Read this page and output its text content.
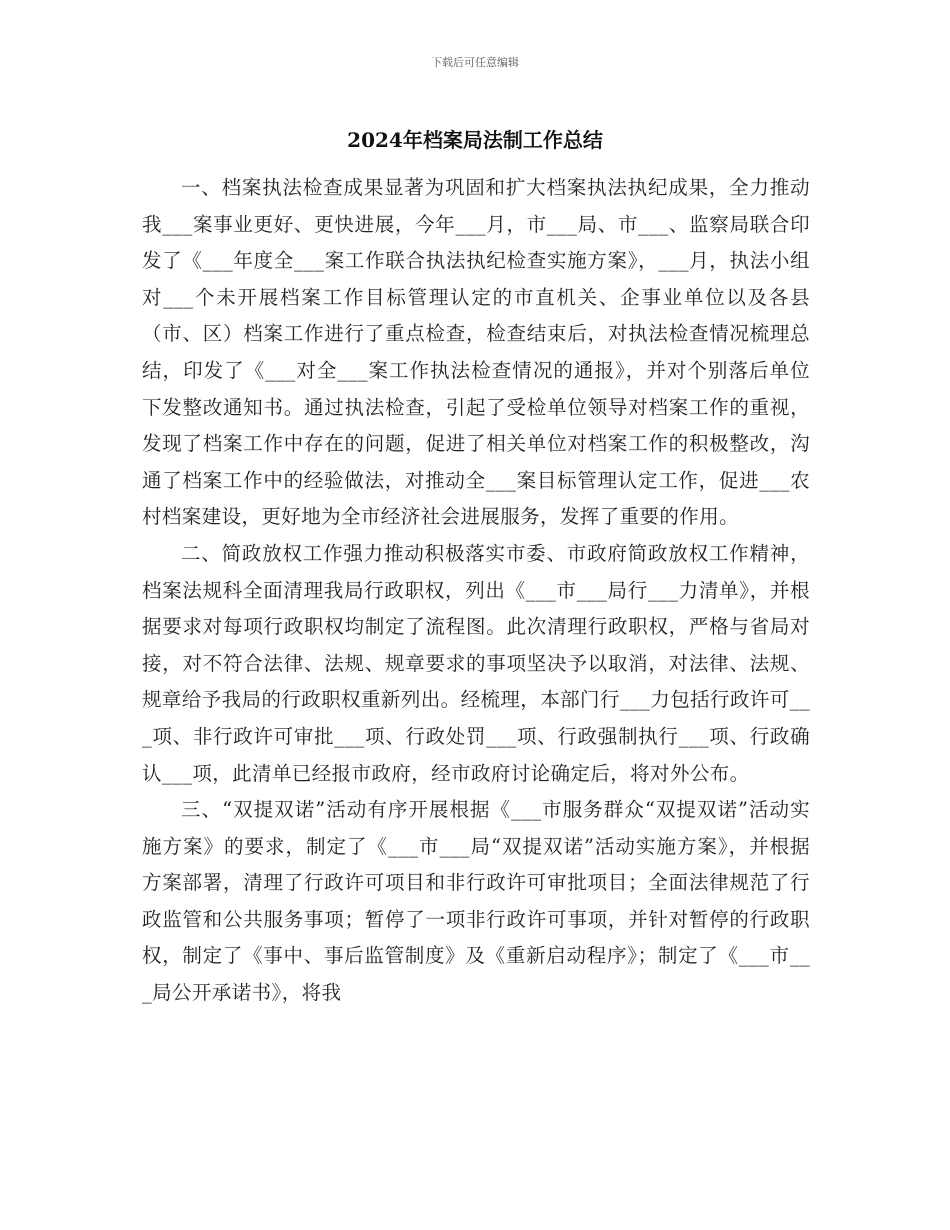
下载后可任意编辑
2024年档案局法制工作总结

一、档案执法检查成果显著为巩固和扩大档案执法执纪成果，全力推动我___案事业更好、更快进展，今年___月，市___局、市___、监察局联合印发了《___年度全___案工作联合执法执纪检查实施方案》，___月，执法小组对___个未开展档案工作目标管理认定的市直机关、企事业单位以及各县（市、区）档案工作进行了重点检查，检查结束后，对执法检查情况梳理总结，印发了《___对全___案工作执法检查情况的通报》，并对个别落后单位下发整改通知书。通过执法检查，引起了受检单位领导对档案工作的重视，发现了档案工作中存在的问题，促进了相关单位对档案工作的积极整改，沟通了档案工作中的经验做法，对推动全___案目标管理认定工作，促进___农村档案建设，更好地为全市经济社会进展服务，发挥了重要的作用。

二、简政放权工作强力推动积极落实市委、市政府简政放权工作精神，档案法规科全面清理我局行政职权，列出《___市___局行___力清单》，并根据要求对每项行政职权均制定了流程图。此次清理行政职权，严格与省局对接，对不符合法律、法规、规章要求的事项坚决予以取消，对法律、法规、规章给予我局的行政职权重新列出。经梳理，本部门行___力包括行政许可___项、非行政许可审批___项、行政处罚___项、行政强制执行___项、行政确认___项，此清单已经报市政府，经市政府讨论确定后，将对外公布。

三、“双提双诺”活动有序开展根据《___市服务群众“双提双诺”活动实施方案》的要求，制定了《___市___局“双提双诺”活动实施方案》，并根据方案部署，清理了行政许可项目和非行政许可审批项目；全面法律规范了行政监管和公共服务事项；暂停了一项非行政许可事项，并针对暂停的行政职权，制定了《事中、事后监管制度》及《重新启动程序》；制定了《___市___局公开承诺书》，将我
